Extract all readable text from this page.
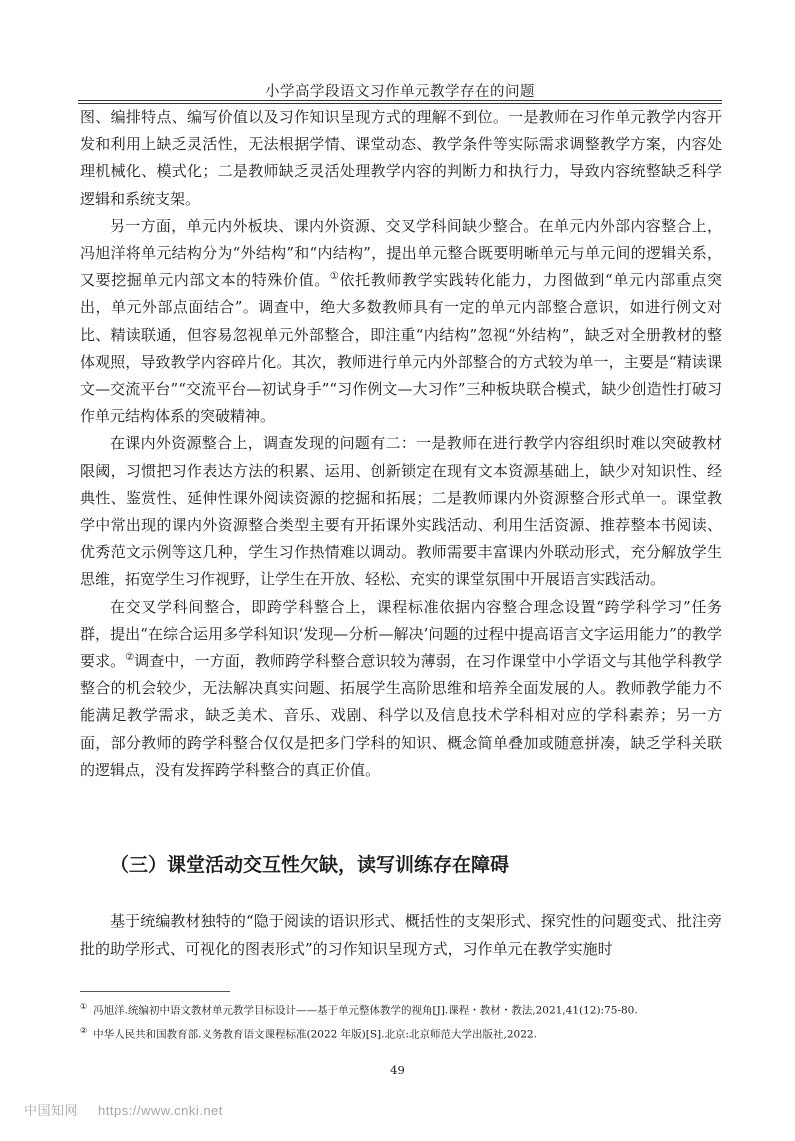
小学高学段语文习作单元教学存在的问题

图、编排特点、编写价值以及习作知识呈现方式的理解不到位。一是教师在习作单元教学内容开发和利用上缺乏灵活性，无法根据学情、课堂动态、教学条件等实际需求调整教学方案，内容处理机械化、模式化；二是教师缺乏灵活处理教学内容的判断力和执行力，导致内容统整缺乏科学逻辑和系统支架。

另一方面，单元内外板块、课内外资源、交叉学科间缺少整合。在单元内外部内容整合上，冯旭洋将单元结构分为“外结构”和“内结构”，提出单元整合既要明晰单元与单元间的逻辑关系，又要挖掘单元内部文本的特殊价值。①依托教师教学实践转化能力，力图做到“单元内部重点突出，单元外部点面结合”。调查中，绝大多数教师具有一定的单元内部整合意识，如进行例文对比、精读联通，但容易忽视单元外部整合，即注重“内结构”忽视“外结构”，缺乏对全册教材的整体观照，导致教学内容碎片化。其次，教师进行单元内外部整合的方式较为单一，主要是“精读课文—交流平台”“交流平台—初试身手”“习作例文—大习作”三种板块联合模式，缺少创造性打破习作单元结构体系的突破精神。

在课内外资源整合上，调查发现的问题有二：一是教师在进行教学内容组织时难以突破教材限阈，习惯把习作表达方法的积累、运用、创新锁定在现有文本资源基础上，缺少对知识性、经典性、鉴赏性、延伸性课外阅读资源的挖掘和拓展；二是教师课内外资源整合形式单一。课堂教学中常出现的课内外资源整合类型主要有开拓课外实践活动、利用生活资源、推荐整本书阅读、优秀范文示例等这几种，学生习作热情难以调动。教师需要丰富课内外联动形式，充分解放学生思维，拓宽学生习作视野，让学生在开放、轻松、充实的课堂氛围中开展语言实践活动。

在交叉学科间整合，即跨学科整合上，课程标准依据内容整合理念设置“跨学科学习”任务群，提出“在综合运用多学科知识‘发现—分析—解决’问题的过程中提高语言文字运用能力”的教学要求。②调查中，一方面，教师跨学科整合意识较为薄弱，在习作课堂中小学语文与其他学科教学整合的机会较少，无法解决真实问题、拓展学生高阶思维和培养全面发展的人。教师教学能力不能满足教学需求，缺乏美术、音乐、戏剧、科学以及信息技术学科相对应的学科素养；另一方面，部分教师的跨学科整合仅仅是把多门学科的知识、概念简单叠加或随意拼凑，缺乏学科关联的逻辑点，没有发挥跨学科整合的真正价值。

（三）课堂活动交互性欠缺，读写训练存在障碍

基于统编教材独特的“隐于阅读的语识形式、概括性的支架形式、探究性的问题变式、批注旁批的助学形式、可视化的图表形式”的习作知识呈现方式，习作单元在教学实施时

① 冯旭洋.统编初中语文教材单元教学目标设计——基于单元整体教学的视角[J].课程・教材・教法,2021,41(12):75-80.
② 中华人民共和国教育部.义务教育语文课程标准(2022 年版)[S].北京:北京师范大学出版社,2022.
49
中国知网 https://www.cnki.net
